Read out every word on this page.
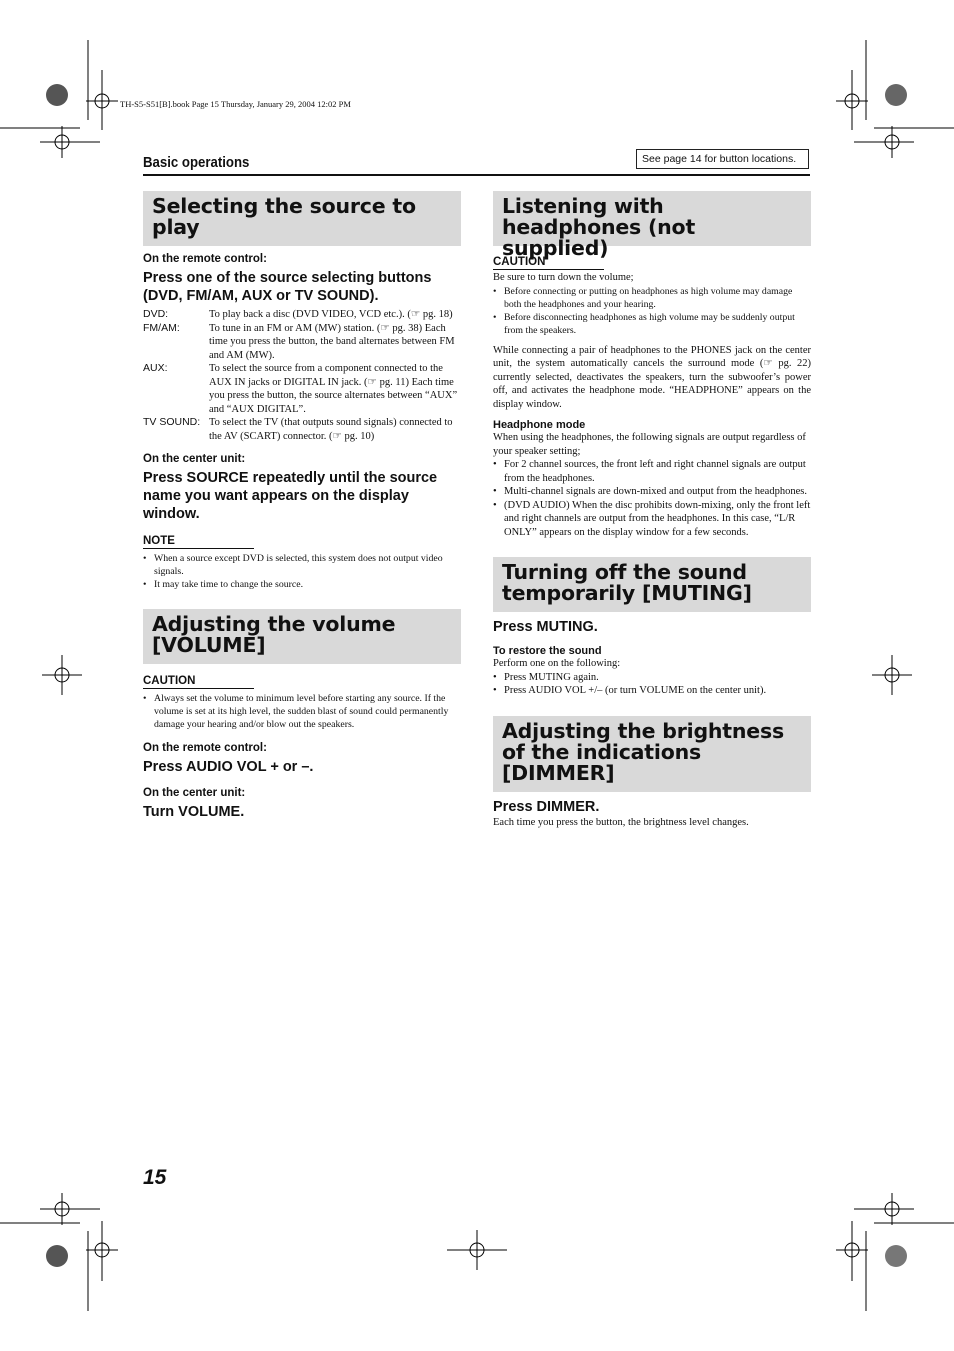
TH-S5-S51[B].book Page 15 Thursday, January 29, 2004 12:02 PM
Basic operations	See page 14 for button locations.
Selecting the source to play

On the remote control:

Press one of the source selecting buttons (DVD, FM/AM, AUX or TV SOUND).

DVD:	To play back a disc (DVD VIDEO, VCD etc.). (☞ pg. 18)
FM/AM:	To tune in an FM or AM (MW) station. (☞ pg. 38) Each time you press the button, the band alternates between FM and AM (MW).
AUX:	To select the source from a component connected to the AUX IN jacks or DIGITAL IN jack. (☞ pg. 11) Each time you press the button, the source alternates between “AUX” and “AUX DIGITAL”.
TV SOUND:	To select the TV (that outputs sound signals) connected to the AV (SCART) connector. (☞ pg. 10)

On the center unit:

Press SOURCE repeatedly until the source name you want appears on the display window.

NOTE

• When a source except DVD is selected, this system does not output video signals.
• It may take time to change the source.
Adjusting the volume [VOLUME]

CAUTION

• Always set the volume to minimum level before starting any source. If the volume is set at its high level, the sudden blast of sound could permanently damage your hearing and/or blow out the speakers.

On the remote control:

Press AUDIO VOL + or –.

On the center unit:

Turn VOLUME.

Listening with headphones (not supplied)

CAUTION

Be sure to turn down the volume;

• Before connecting or putting on headphones as high volume may damage both the headphones and your hearing.
• Before disconnecting headphones as high volume may be suddenly output from the speakers.

While connecting a pair of headphones to the PHONES jack on the center unit, the system automatically cancels the surround mode (☞ pg. 22) currently selected, deactivates the speakers, turn the subwoofer’s power off, and activates the headphone mode. “HEADPHONE” appears on the display window.

Headphone mode

When using the headphones, the following signals are output regardless of your speaker setting;

• For 2 channel sources, the front left and right channel signals are output from the headphones.
• Multi-channel signals are down-mixed and output from the headphones.
• (DVD AUDIO) When the disc prohibits down-mixing, only the front left and right channels are output from the headphones. In this case, “L/R ONLY” appears on the display window for a few seconds.
Turning off the sound temporarily [MUTING]

Press MUTING.

To restore the sound

Perform one on the following:

• Press MUTING again.
• Press AUDIO VOL +/– (or turn VOLUME on the center unit).
Adjusting the brightness of the indications [DIMMER]

Press DIMMER.

Each time you press the button, the brightness level changes.

15
